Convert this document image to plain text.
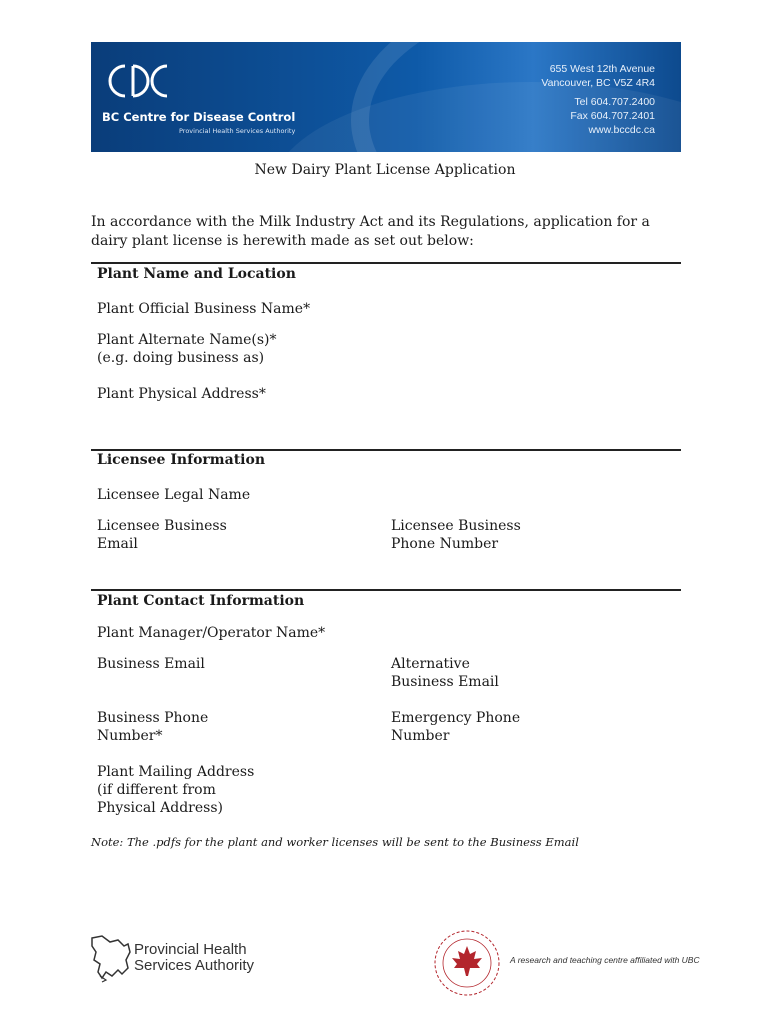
BC Centre for Disease Control
Provincial Health Services Authority
655 West 12th Avenue
Vancouver, BC V5Z 4R4
Tel 604.707.2400
Fax 604.707.2401
www.bccdc.ca
New Dairy Plant License Application
In accordance with the Milk Industry Act and its Regulations, application for a dairy plant license is herewith made as set out below:
Plant Name and Location
Plant Official Business Name*
Plant Alternate Name(s)*
(e.g. doing business as)
Plant Physical Address*
Licensee Information
Licensee Legal Name
Licensee Business
Email
Licensee Business
Phone Number
Plant Contact Information
Plant Manager/Operator Name*
Business Email	Alternative
Business Email
Business Phone
Number*
Emergency Phone
Number
Plant Mailing Address
(if different from
Physical Address)
Note: The .pdfs for the plant and worker licenses will be sent to the Business Email
Provincial Health
Services Authority	A research and teaching centre affiliated with UBC
